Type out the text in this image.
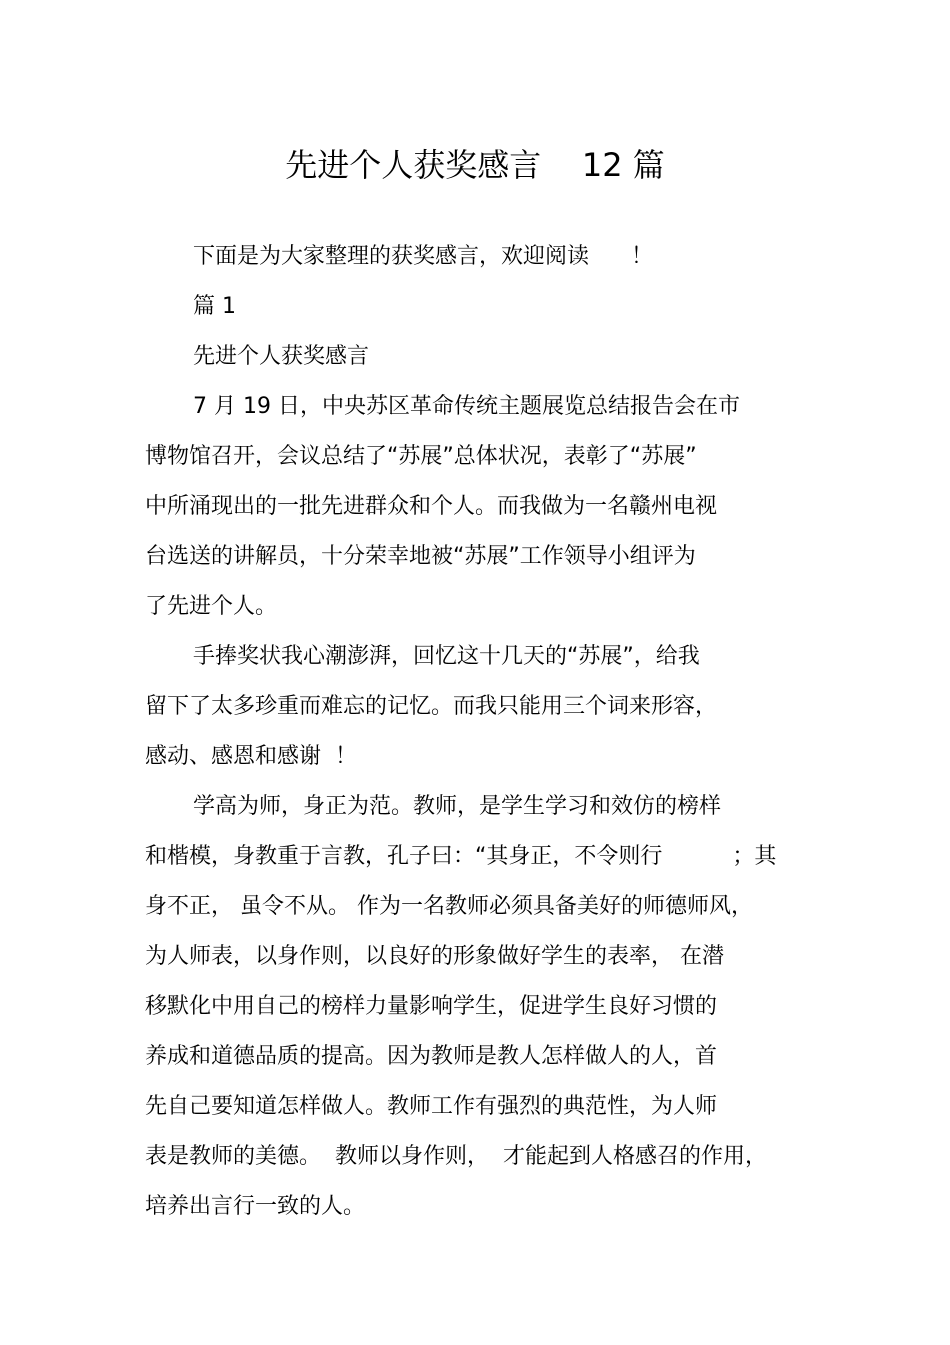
先进个人获奖感言    12 篇
下面是为大家整理的获奖感言，欢迎阅读      ！
篇 1
先进个人获奖感言
7 月 19 日，中央苏区革命传统主题展览总结报告会在市
博物馆召开，会议总结了“苏展”总体状况，表彰了“苏展”
中所涌现出的一批先进群众和个人。而我做为一名赣州电视
台选送的讲解员，十分荣幸地被“苏展”工作领导小组评为
了先进个人。
手捧奖状我心潮澎湃，回忆这十几天的“苏展”，给我
留下了太多珍重而难忘的记忆。而我只能用三个词来形容，
感动、感恩和感谢  ！
学高为师，身正为范。教师，是学生学习和效仿的榜样
和楷模，身教重于言教，孔子曰：“其身正，不令则行          ；其
身不正， 虽令不从。 作为一名教师必须具备美好的师德师风，
为人师表，以身作则，以良好的形象做好学生的表率， 在潜
移默化中用自己的榜样力量影响学生，促进学生良好习惯的
养成和道德品质的提高。因为教师是教人怎样做人的人，首
先自己要知道怎样做人。教师工作有强烈的典范性，为人师
表是教师的美德。  教师以身作则，  才能起到人格感召的作用，
培养出言行一致的人。
